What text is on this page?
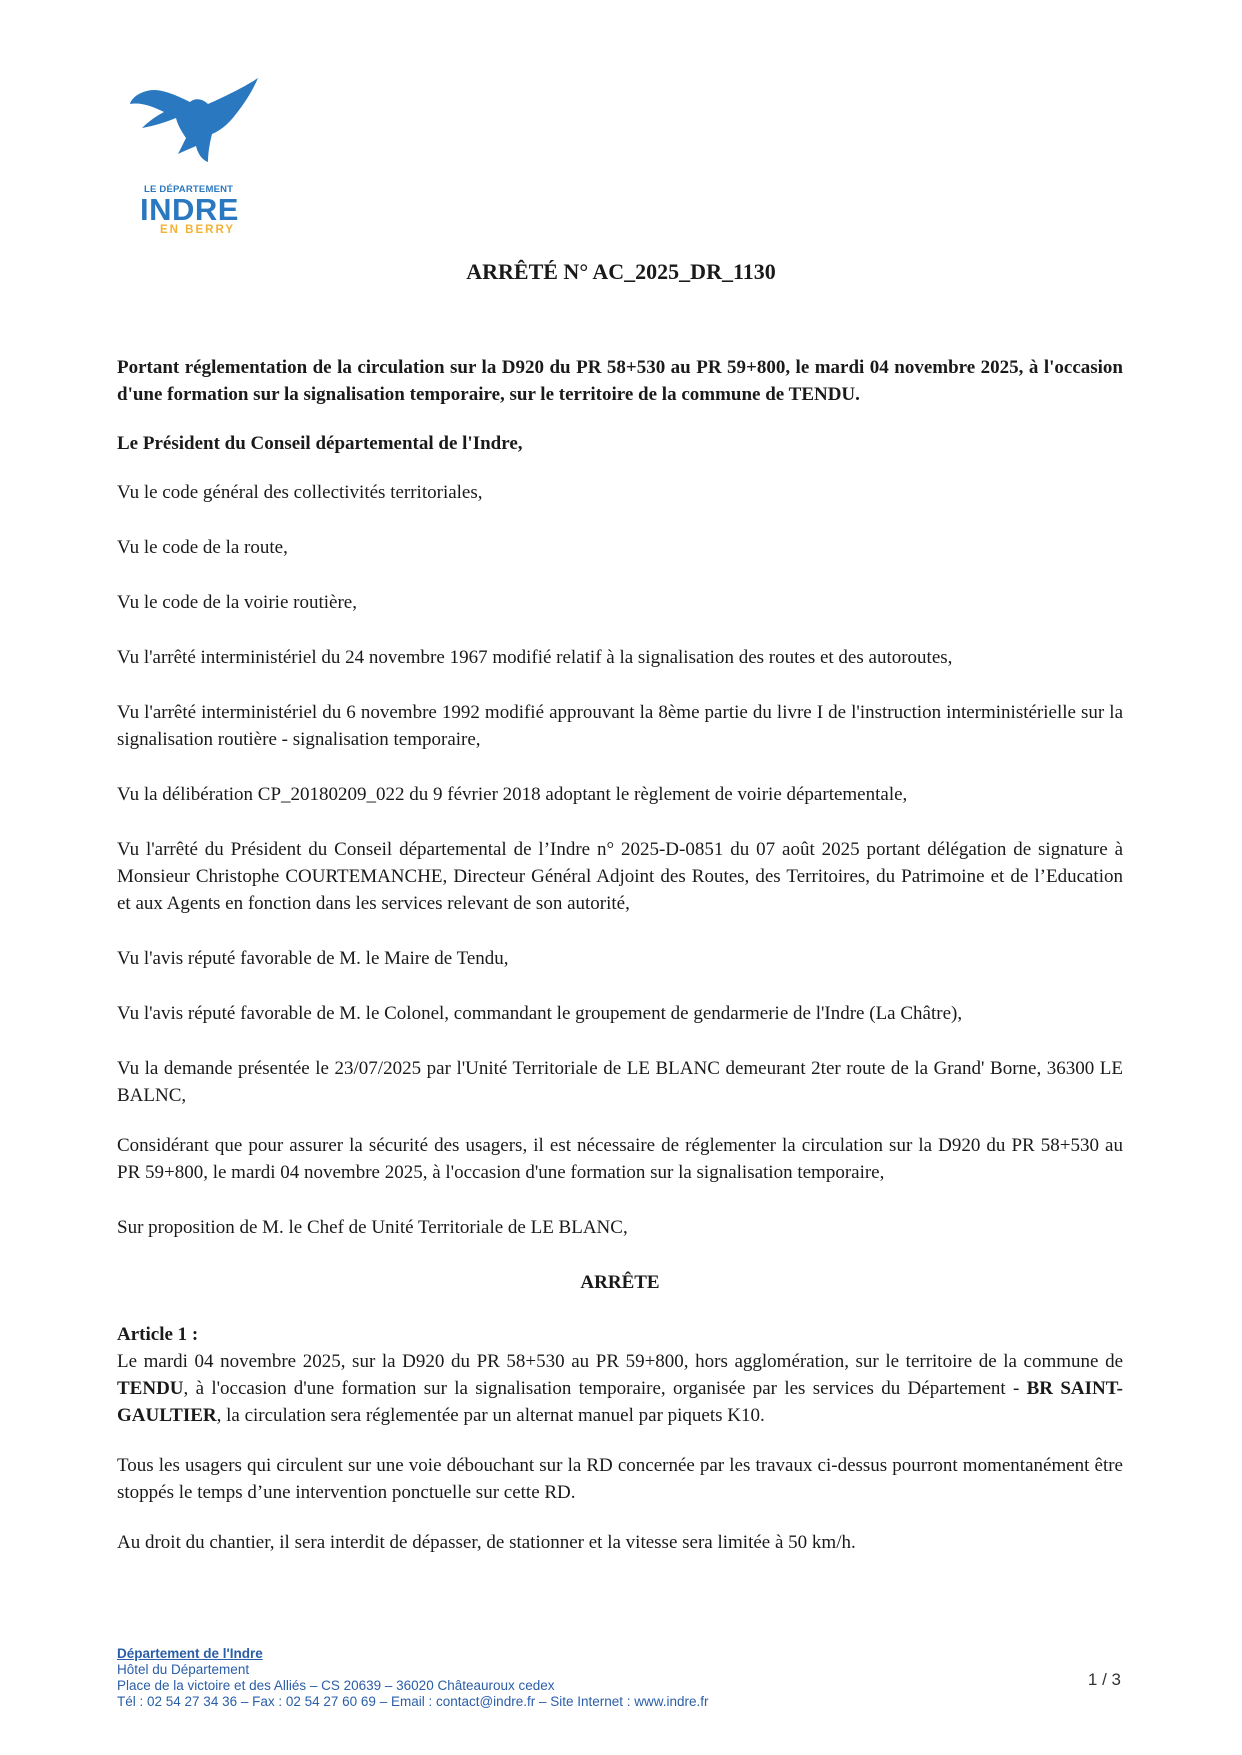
LE DÉPARTEMENT
INDRE
EN BERRY
ARRÊTÉ N° AC_2025_DR_1130

Portant réglementation de la circulation sur la D920 du PR 58+530 au PR 59+800, le mardi 04 novembre 2025, à l'occasion d'une formation sur la signalisation temporaire, sur le territoire de la commune de TENDU.

Le Président du Conseil départemental de l'Indre,

Vu le code général des collectivités territoriales,

Vu le code de la route,

Vu le code de la voirie routière,

Vu l'arrêté interministériel du 24 novembre 1967 modifié relatif à la signalisation des routes et des autoroutes,

Vu l'arrêté interministériel du 6 novembre 1992 modifié approuvant la 8ème partie du livre I de l'instruction interministérielle sur la signalisation routière - signalisation temporaire,

Vu la délibération CP_20180209_022 du 9 février 2018 adoptant le règlement de voirie départementale,

Vu l'arrêté du Président du Conseil départemental de l’Indre n° 2025-D-0851 du 07 août 2025 portant délégation de signature à Monsieur Christophe COURTEMANCHE, Directeur Général Adjoint des Routes, des Territoires, du Patrimoine et de l’Education et aux Agents en fonction dans les services relevant de son autorité,

Vu l'avis réputé favorable de M. le Maire de Tendu,

Vu l'avis réputé favorable de M. le Colonel, commandant le groupement de gendarmerie de l'Indre (La Châtre),

Vu la demande présentée le 23/07/2025 par l'Unité Territoriale de LE BLANC demeurant 2ter route de la Grand' Borne, 36300 LE BALNC,

Considérant que pour assurer la sécurité des usagers, il est nécessaire de réglementer la circulation sur la D920 du PR 58+530 au PR 59+800, le mardi 04 novembre 2025, à l'occasion d'une formation sur la signalisation temporaire,

Sur proposition de M. le Chef de Unité Territoriale de LE BLANC,

ARRÊTE

Article 1 :

Le mardi 04 novembre 2025, sur la D920 du PR 58+530 au PR 59+800, hors agglomération, sur le territoire de la commune de TENDU, à l'occasion d'une formation sur la signalisation temporaire, organisée par les services du Département - BR SAINT-GAULTIER, la circulation sera réglementée par un alternat manuel par piquets K10.

Tous les usagers qui circulent sur une voie débouchant sur la RD concernée par les travaux ci-dessus pourront momentanément être stoppés le temps d’une intervention ponctuelle sur cette RD.

Au droit du chantier, il sera interdit de dépasser, de stationner et la vitesse sera limitée à 50 km/h.

Département de l'Indre
Hôtel du Département
Place de la victoire et des Alliés – CS 20639 – 36020 Châteauroux cedex
Tél : 02 54 27 34 36 – Fax : 02 54 27 60 69 – Email : contact@indre.fr – Site Internet : www.indre.fr
1 / 3
